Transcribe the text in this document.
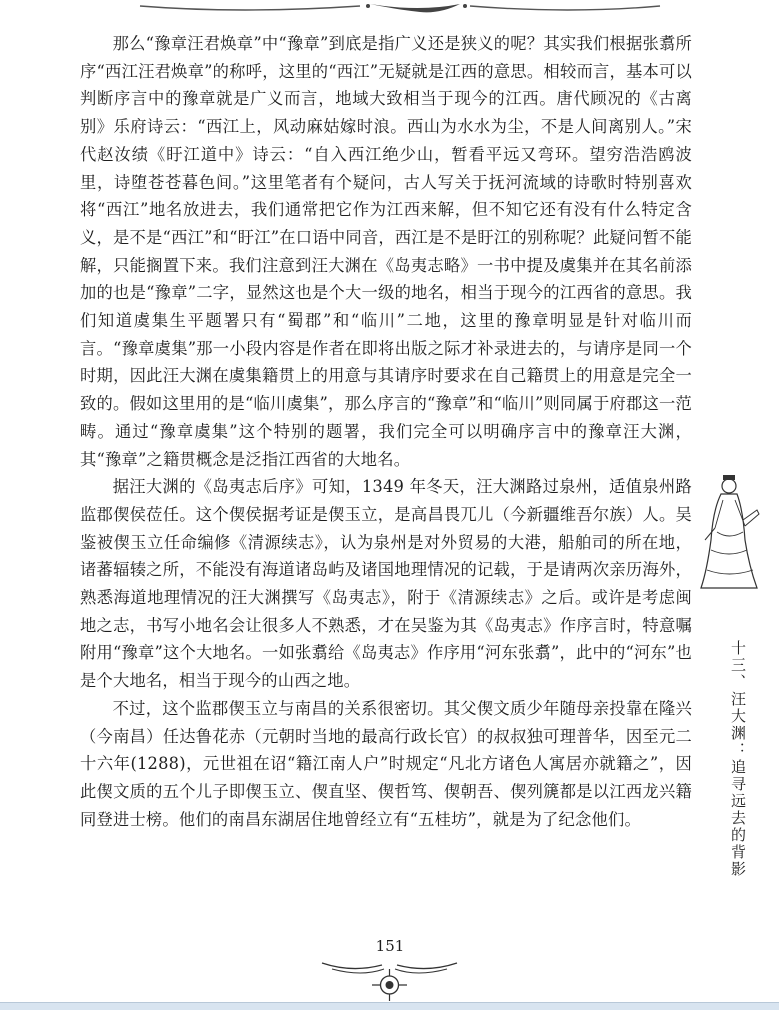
那么“豫章汪君焕章”中“豫章”到底是指广义还是狭义的呢？其实我们根据张翥所序“西江汪君焕章”的称呼，这里的“西江”无疑就是江西的意思。相较而言，基本可以判断序言中的豫章就是广义而言，地域大致相当于现今的江西。唐代顾况的《古离别》乐府诗云：“西江上，风动麻姑嫁时浪。西山为水水为尘，不是人间离别人。”宋代赵汝绩《盱江道中》诗云：“自入西江绝少山，暂看平远又弯环。望穷浩浩鸥波里，诗堕苍苍暮色间。”这里笔者有个疑问，古人写关于抚河流域的诗歌时特别喜欢将“西江”地名放进去，我们通常把它作为江西来解，但不知它还有没有什么特定含义，是不是“西江”和“盱江”在口语中同音，西江是不是盱江的别称呢？此疑问暂不能解，只能搁置下来。我们注意到汪大渊在《岛夷志略》一书中提及虞集并在其名前添加的也是“豫章”二字，显然这也是个大一级的地名，相当于现今的江西省的意思。我们知道虞集生平题署只有“蜀郡”和“临川”二地，这里的豫章明显是针对临川而言。“豫章虞集”那一小段内容是作者在即将出版之际才补录进去的，与请序是同一个时期，因此汪大渊在虞集籍贯上的用意与其请序时要求在自己籍贯上的用意是完全一致的。假如这里用的是“临川虞集”，那么序言的“豫章”和“临川”则同属于府郡这一范畴。通过“豫章虞集”这个特别的题署，我们完全可以明确序言中的豫章汪大渊，其“豫章”之籍贯概念是泛指江西省的大地名。

据汪大渊的《岛夷志后序》可知，1349 年冬天，汪大渊路过泉州，适值泉州路监郡偰侯莅任。这个偰侯据考证是偰玉立，是高昌畏兀儿（今新疆维吾尔族）人。吴鉴被偰玉立任命编修《清源续志》，认为泉州是对外贸易的大港，船舶司的所在地，诸蕃辐辏之所，不能没有海道诸岛屿及诸国地理情况的记载，于是请两次亲历海外，熟悉海道地理情况的汪大渊撰写《岛夷志》，附于《清源续志》之后。或许是考虑闽地之志，书写小地名会让很多人不熟悉，才在吴鉴为其《岛夷志》作序言时，特意嘱附用“豫章”这个大地名。一如张翥给《岛夷志》作序用“河东张翥”，此中的“河东”也是个大地名，相当于现今的山西之地。

不过，这个监郡偰玉立与南昌的关系很密切。其父偰文质少年随母亲投靠在隆兴（今南昌）任达鲁花赤（元朝时当地的最高行政长官）的叔叔独可理普华，因至元二十六年(1288)，元世祖在诏“籍江南人户”时规定“凡北方诸色人寓居亦就籍之”，因此偰文质的五个儿子即偰玉立、偰直坚、偰哲笃、偰朝吾、偰列篪都是以江西龙兴籍同登进士榜。他们的南昌东湖居住地曾经立有“五桂坊”，就是为了纪念他们。	十三、汪大渊：追寻远去的背影
151
